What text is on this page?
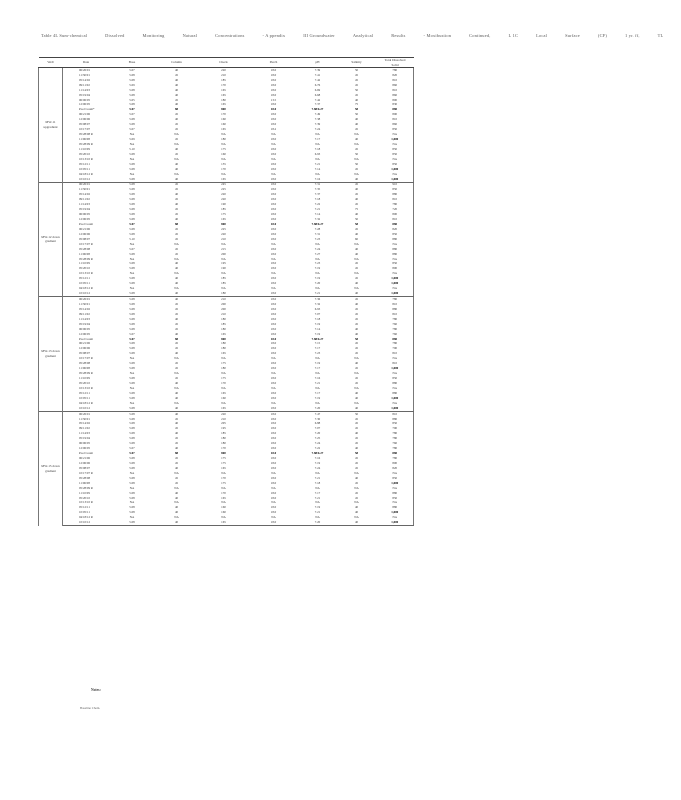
Table 4L Sum-chemical	Dissolved	Monitoring	Natural	Concentrations	- A ppendix	III Groundwater	Analytical	Results	- Moxibustion	Continued,	L 1C	Local	Surface	(CF)	1 yr. ff,	TL
Well	Date	Base	Column	Check	Purch	pH	Salinity	Total Dissolved
Solid

MW-11 upgradient	06/26/01	5.07	40	220	18.0	7.39	50	780
	11/30/01	5.08	45	210	18.0	7.41	45	820
	05/14/02	5.08	40	185	18.0	7.42	45	810
	09/11/02	5.09	40	170	18.0	6.76	45	860
	11/14/03	5.08	40	165	18.0	6.69	50	810
	05/19/04	5.08	40	165	18.0	6.68	45	860
	06/06/05	5.05	45	180	13.5	7.42	40	800
	12/06/05	5.08	40	165	18.0	7.37	75	830
	Pool Count*	5.07	88	800	18.0	7.88/6.27	58	880
	06/21/06	5.07	45	170	18.0	7.49	50	890
	12/06/06	5.08	40	160	18.0	7.38	40	810
	05/08/07	5.08	45	160	18.0	7.39	40	860
	10/17/07	5.07	45	165	18.2	7.24	45	850
	05/28/08 R	NA	NA	NA	NA	NA	NA	NA
	11/06/08	5.09	45	180	18.0	7.17	40	1,000
	05/28/09 R	NA	NA	NA	NA	NA	NA	NA
	11/10/09	5.10	40	175	18.0	7.18	45	850
	05/20/10	5.08	45	160	18.0	6.93	50	850
	10/13/10 R	NA	NA	NA	NA	NA	NA	NA
	05/12/11	5.08	40	155	18.0	7.21	50	850
	10/05/11	5.08	40	170	18.0	7.14	45	1,000
	04/18/12 R	NA	NA	NA	NA	NA	NA	NA
	10/10/12	5.08	40	165	18.0	7.16	40	1,000
MW-12 down gradient	06/26/01	5.08	45	245	18.0	7.31	45	910
	11/30/01	5.08	45	225	18.0	7.35	40	850
	05/14/02	5.08	40	220	18.0	7.37	45	880
	09/11/02	5.08	45	220	18.0	7.18	40	810
	11/14/03	5.08	40	190	18.0	7.22	45	780
	05/19/04	5.08	45	185	18.0	7.21	75	720
	06/06/05	5.08	45	175	18.0	7.14	40	800
	12/06/05	5.08	40	165	18.0	7.32	50	810
	Pool Count	5.07	88	800	18.0	7.88/6.27	58	880
	06/21/06	5.08	45	225	18.0	7.28	45	820
	12/06/06	5.08	45	220	18.0	7.31	40	850
	05/08/07	5.10	45	210	18.0	7.23	60	880
	10/17/07 R	NA	NA	NA	NA	NA	NA	NA
	05/28/08	5.07	45	215	18.0	7.24	40	880
	11/06/08	5.08	45	200	18.0	7.27	40	880
	05/28/09 R	NA	NA	NA	NA	NA	NA	NA
	11/10/09	5.08	40	195	18.0	7.23	45	850
	05/20/10	5.08	40	190	18.0	7.19	45	800
	10/13/10 R	NA	NA	NA	NA	NA	NA	NA
	05/12/11	5.08	40	185	18.0	7.19	45	1,000
	10/05/11	5.08	40	185	18.0	7.20	40	1,000
	04/18/12 R	NA	NA	NA	NA	NA	NA	NA
	10/10/12	5.08	40	180	18.0	7.21	40	1,000
MW-13 down gradient	06/26/01	5.08	40	210	18.0	7.36	45	780
	11/30/01	5.08	45	200	18.0	7.32	40	810
	05/14/02	5.08	45	200	18.0	6.93	45	880
	09/11/02	5.08	45	210	18.0	7.07	45	810
	11/14/03	5.08	40	180	18.0	7.18	45	780
	05/19/04	5.08	45	185	18.0	7.19	45	760
	06/06/05	5.08	45	180	18.0	7.14	40	780
	12/06/05	5.07	40	165	18.0	7.19	40	760
	Pool Count	5.07	88	800	18.0	7.88/6.27	58	880
	06/21/06	5.08	45	180	18.0	7.15	45	780
	12/06/06	5.08	45	180	18.0	7.17	45	790
	05/08/07	5.08	40	165	18.0	7.23	45	810
	10/17/07 R	NA	NA	NA	NA	NA	NA	NA
	05/28/08	5.08	45	175	18.0	7.19	40	810
	11/06/08	5.08	45	180	18.0	7.17	45	1,000
	05/28/09 R	NA	NA	NA	NA	NA	NA	NA
	11/10/09	5.08	45	175	18.0	7.16	45	850
	05/20/10	5.08	40	170	18.0	7.21	45	880
	10/13/10 R	NA	NA	NA	NA	NA	NA	NA
	05/12/11	5.08	40	165	18.0	7.17	40	880
	10/05/11	5.08	40	160	18.0	7.19	40	1,000
	04/18/12 R	NA	NA	NA	NA	NA	NA	NA
	10/10/12	5.08	40	165	18.0	7.20	40	1,000
MW-15 down gradient	06/26/01	5.08	40	220	18.0	7.47	50	810
	11/30/01	5.08	45	210	18.0	7.30	45	880
	05/14/02	5.08	40	205	18.0	6.88	45	850
	09/11/02	5.08	45	195	18.0	7.07	45	790
	11/14/03	5.08	40	185	18.0	7.20	40	780
	05/19/04	5.08	45	180	18.0	7.25	45	780
	06/06/05	5.08	45	180	18.0	7.24	45	760
	12/06/05	5.07	40	170	18.0	7.22	40	780
	Pool Count	5.07	88	800	18.0	7.88/6.27	58	880
	06/21/06	5.08	45	175	18.0	7.16	45	780
	12/06/06	5.08	45	175	18.0	7.19	45	800
	05/08/07	5.08	40	165	18.0	7.24	45	820
	10/17/07 R	NA	NA	NA	NA	NA	NA	NA
	05/28/08	5.08	45	170	18.0	7.21	40	850
	11/06/08	5.08	45	175	18.0	7.18	45	1,000
	05/28/09 R	NA	NA	NA	NA	NA	NA	NA
	11/10/09	5.08	40	170	18.0	7.17	45	880
	05/20/10	5.08	40	165	18.0	7.21	45	850
	10/13/10 R	NA	NA	NA	NA	NA	NA	NA
	05/12/11	5.08	40	160	18.0	7.19	40	880
	10/05/11	5.08	40	160	18.0	7.21	40	1,000
	04/18/12 R	NA	NA	NA	NA	NA	NA	NA
	10/10/12	5.08	40	165	18.0	7.20	40	1,000
Notes:
Baseline Chem.
